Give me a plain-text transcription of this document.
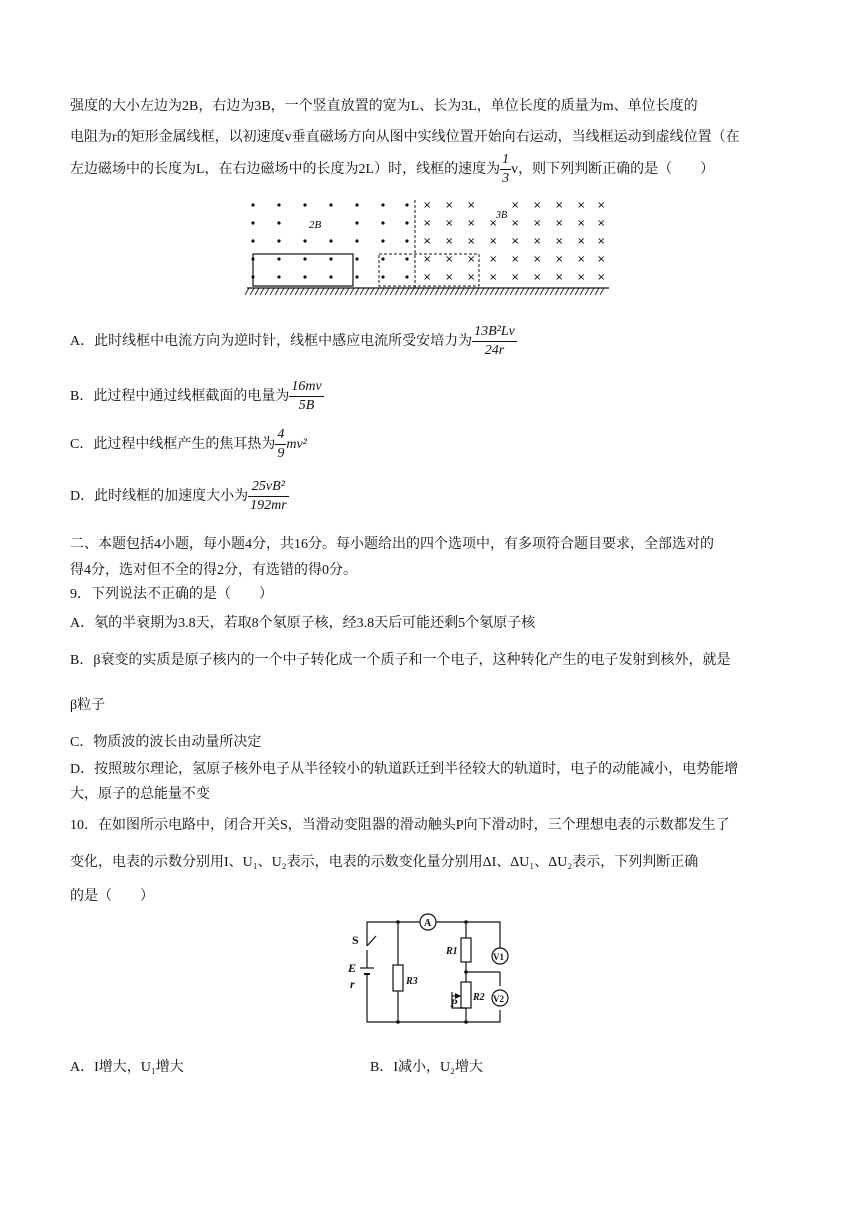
强度的大小左边为2B，右边为3B，一个竖直放置的宽为L、长为3L，单位长度的质量为m、单位长度的
电阻为r的矩形金属线框，以初速度v垂直磁场方向从图中实线位置开始向右运动，当线框运动到虚线位置（在
左边磁场中的长度为L，在右边磁场中的长度为2L）时，线框的速度为 $\frac{1}{3}$ v，则下列判断正确的是（　　）
× × ×	× × × × ×
× × × × × × × × ×
× × × × × × × × ×
× × × × × × × × ×
× × × × × × × × ×
2B
3B
A．此时线框中电流方向为逆时针，线框中感应电流所受安培力为 $\frac{\text{13B²Lv}}{24r}$
B．此过程中通过线框截面的电量为 $\frac{16mv}{5B}$
C．此过程中线框产生的焦耳热为 $\frac{4}{9} mv^2$
D．此时线框的加速度大小为 $\frac{\text{25vB²}}{192mr}$
二、本题包括4小题，每小题4分，共16分。每小题给出的四个选项中，有多项符合题目要求，全部选对的
得4分，选对但不全的得2分，有选错的得0分。
9．下列说法不正确的是（　　）
A．氡的半衰期为3.8天，若取8个氡原子核，经3.8天后可能还剩5个氡原子核
B．β衰变的实质是原子核内的一个中子转化成一个质子和一个电子，这种转化产生的电子发射到核外，就是
β粒子
C．物质波的波长由动量所决定
D．按照玻尔理论，氢原子核外电子从半径较小的轨道跃迁到半径较大的轨道时，电子的动能减小，电势能增
大，原子的总能量不变
10．在如图所示电路中，闭合开关S，当滑动变阻器的滑动触头P向下滑动时，三个理想电表的示数都发生了
变化，电表的示数分别用I、U₁、U₂表示，电表的示数变化量分别用ΔI、ΔU₁、ΔU₂表示，下列判断正确
的是（　　）
S
E
r	R3
R1
R2
P
A
V1
V2
A．I增大，U₁增大	B．I减小，U₂增大
